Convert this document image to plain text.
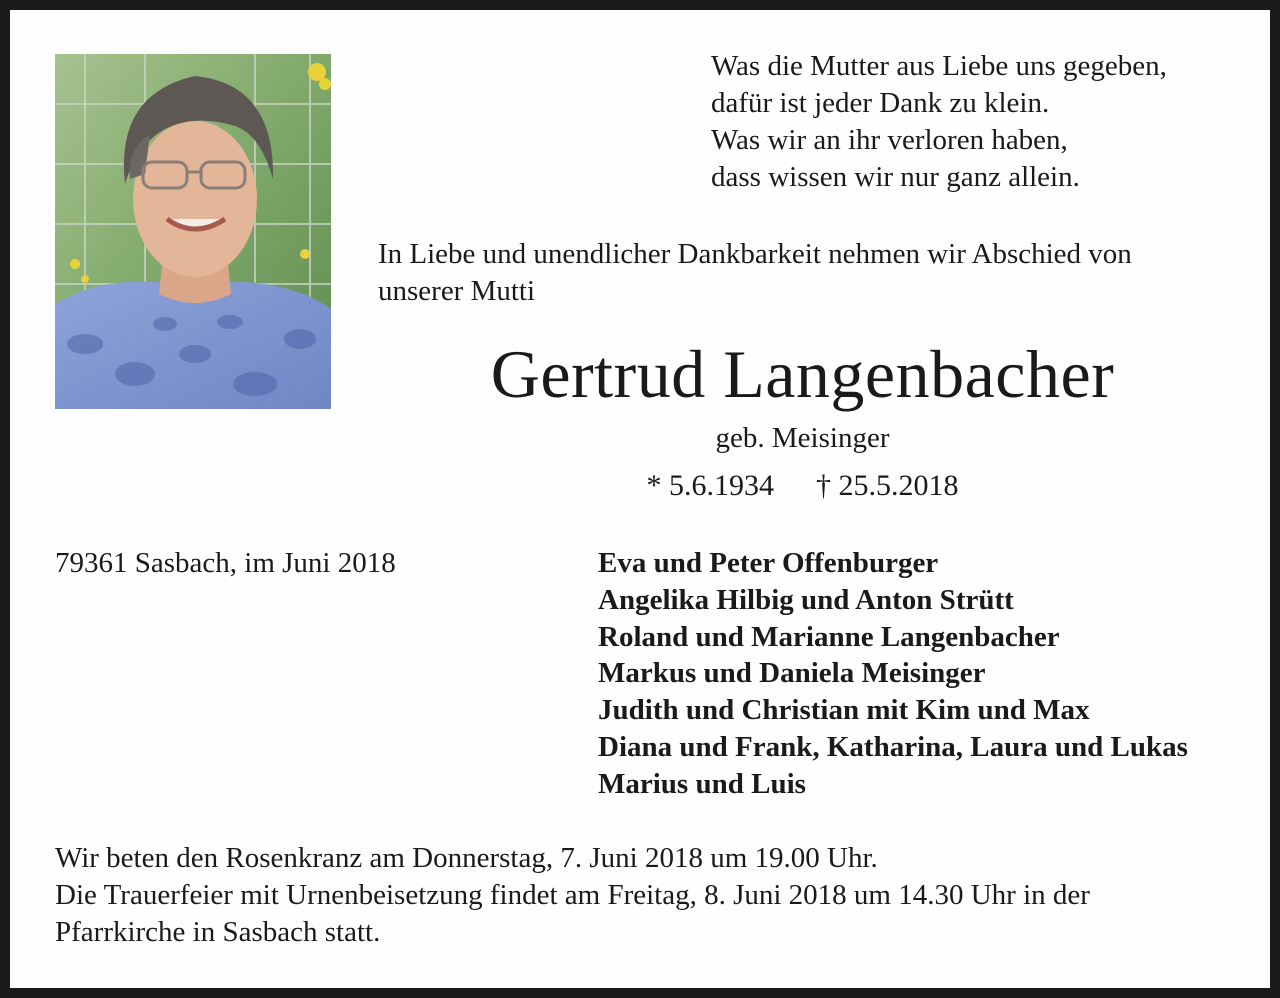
Was die Mutter aus Liebe uns gegeben,
dafür ist jeder Dank zu klein.
Was wir an ihr verloren haben,
dass wissen wir nur ganz allein.
In Liebe und unendlicher Dankbarkeit nehmen wir Abschied von
unserer Mutti
Gertrud Langenbacher
geb. Meisinger
* 5.6.1934 † 25.5.2018
79361 Sasbach, im Juni 2018	Eva und Peter Offenburger
Angelika Hilbig und Anton Strütt
Roland und Marianne Langenbacher
Markus und Daniela Meisinger
Judith und Christian mit Kim und Max
Diana und Frank, Katharina, Laura und Lukas
Marius und Luis
Wir beten den Rosenkranz am Donnerstag, 7. Juni 2018 um 19.00 Uhr.
Die Trauerfeier mit Urnenbeisetzung findet am Freitag, 8. Juni 2018 um 14.30 Uhr in der
Pfarrkirche in Sasbach statt.
